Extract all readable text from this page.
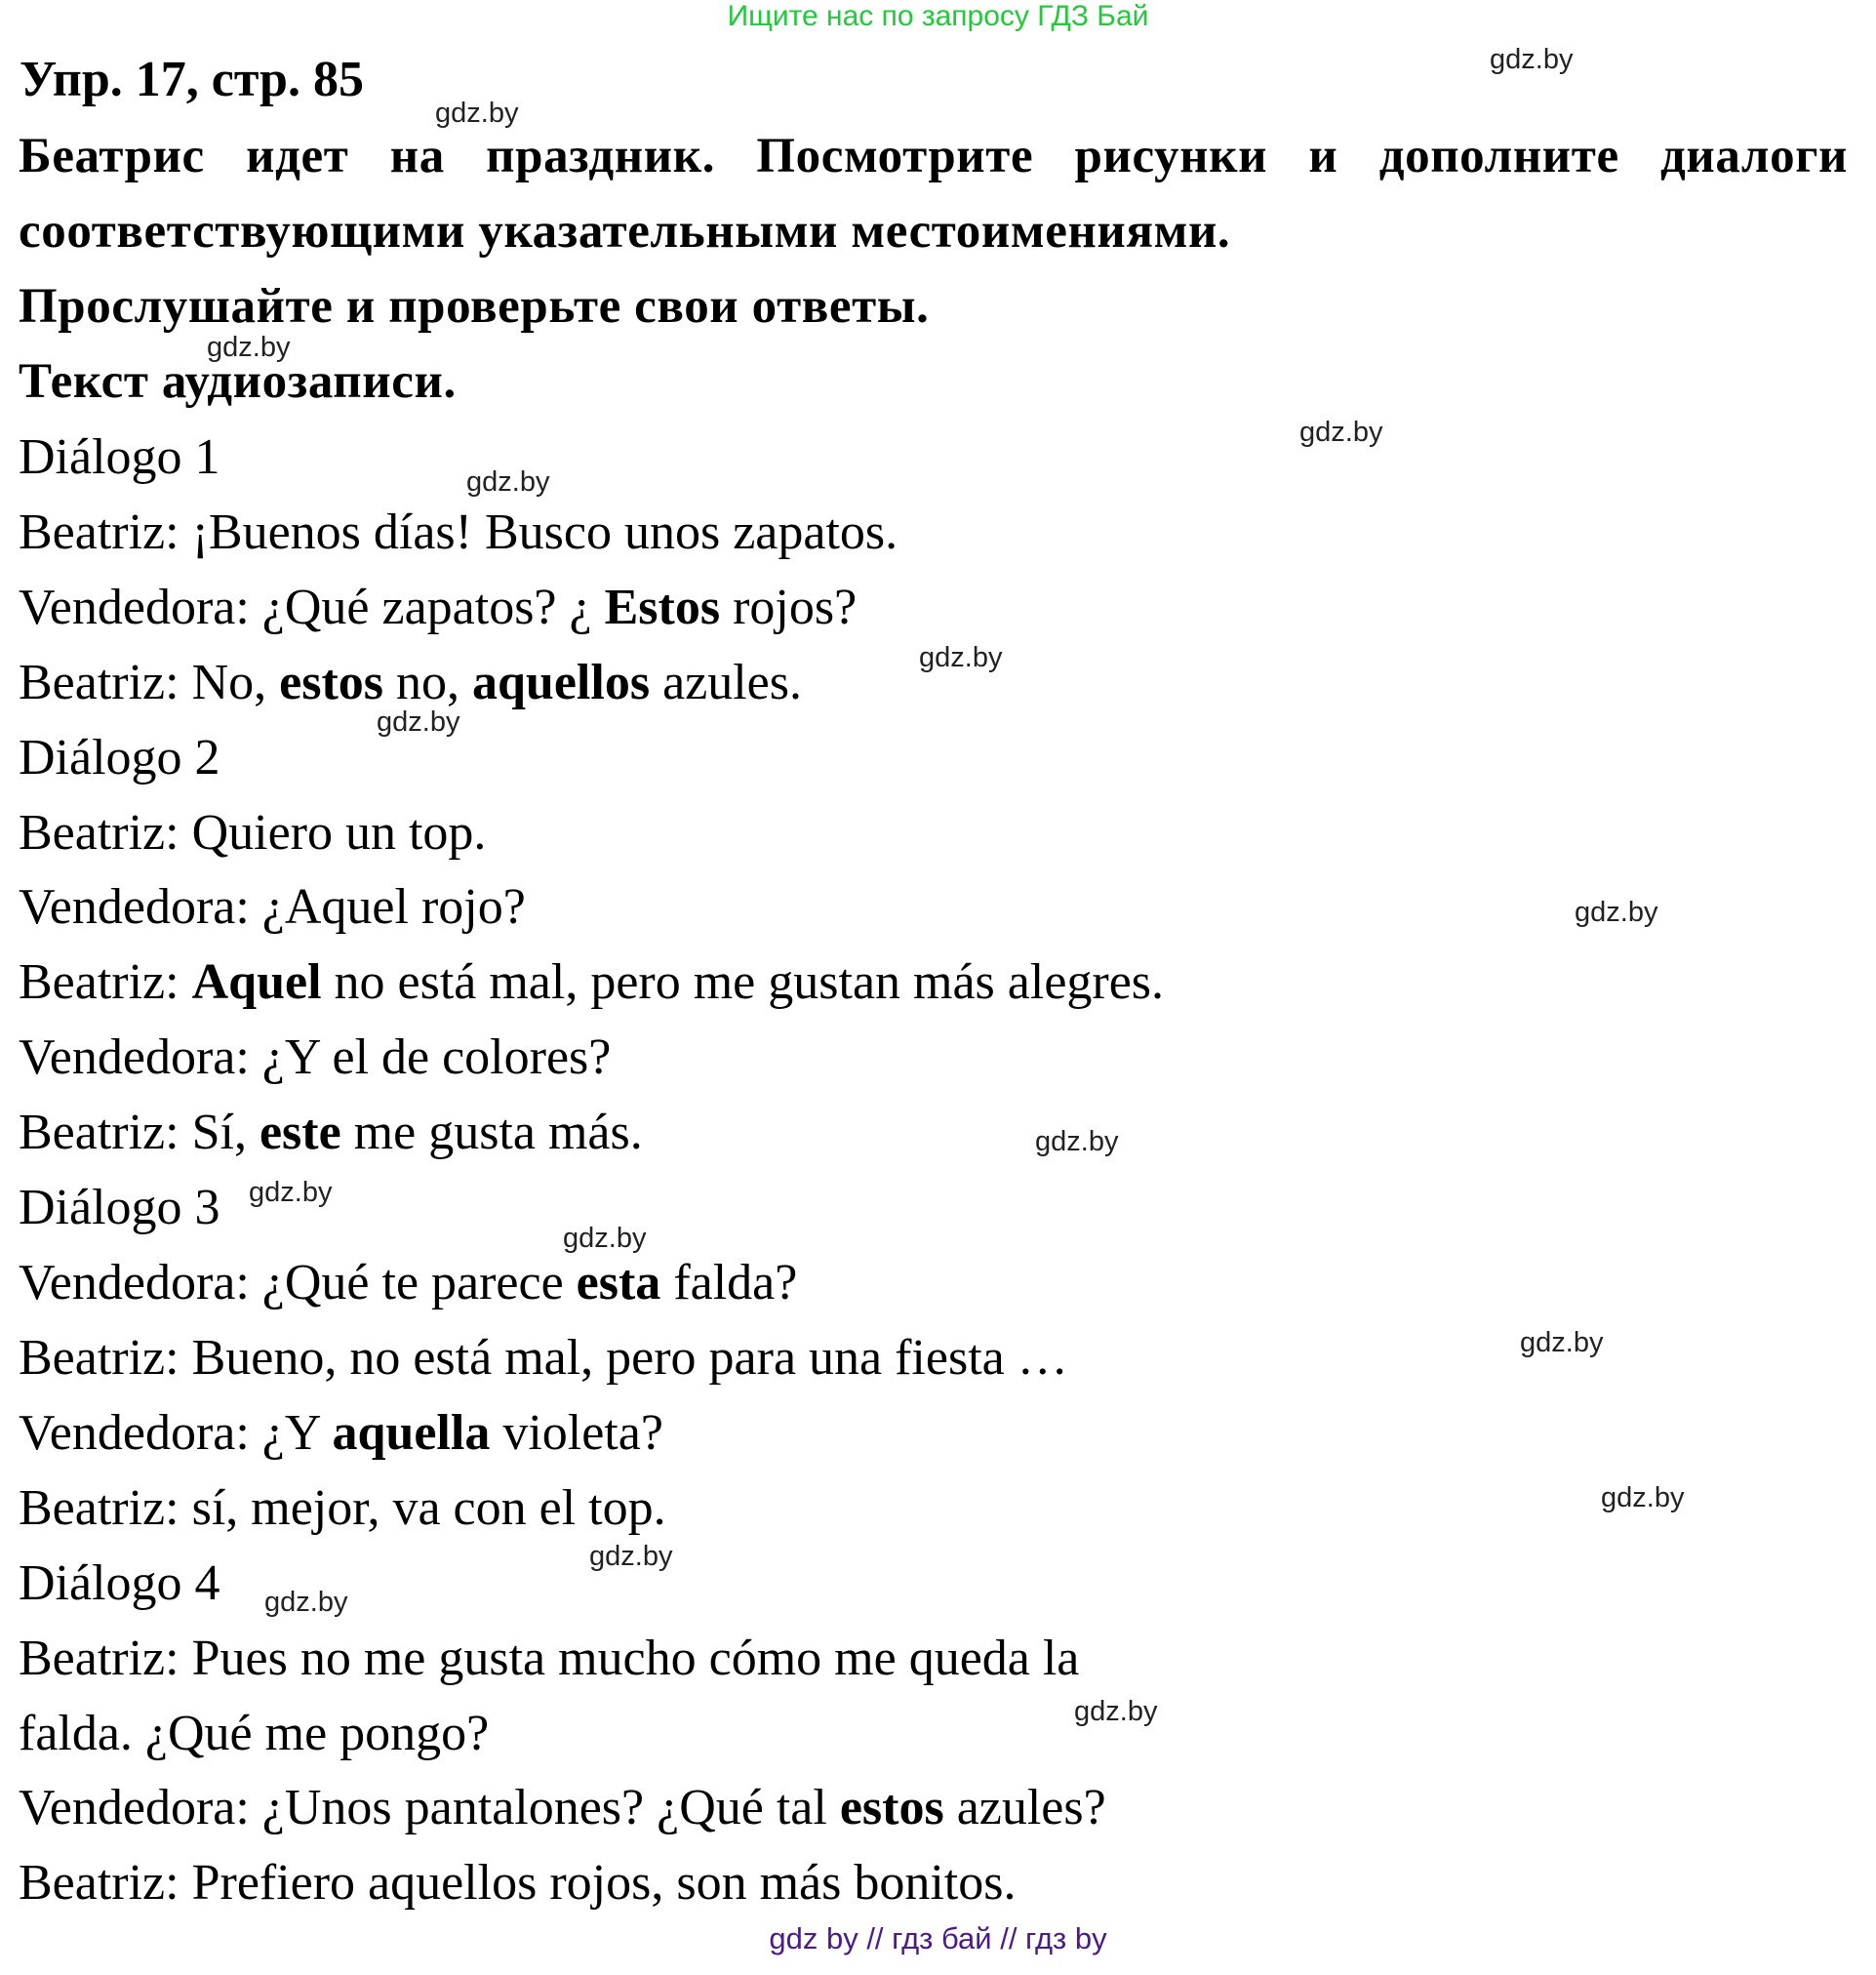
Ищите нас по запросу ГДЗ Бай
Упр. 17, стр. 85
Беатрис идет на праздник. Посмотрите рисунки и дополните диалоги
соответствующими указательными местоимениями.
Прослушайте и проверьте свои ответы.
Текст аудиозаписи.
Diálogo 1
Beatriz: ¡Buenos días! Busco unos zapatos.
Vendedora: ¿Qué zapatos? ¿ Estos rojos?
Beatriz: No, estos no, aquellos azules.
Diálogo 2
Beatriz: Quiero un top.
Vendedora: ¿Aquel rojo?
Beatriz: Aquel no está mal, pero me gustan más alegres.
Vendedora: ¿Y el de colores?
Beatriz: Sí, este me gusta más.
Diálogo 3
Vendedora: ¿Qué te parece esta falda?
Beatriz: Bueno, no está mal, pero para una fiesta …
Vendedora: ¿Y aquella violeta?
Beatriz: sí, mejor, va con el top.
Diálogo 4
Beatriz: Pues no me gusta mucho cómo me queda la
falda. ¿Qué me pongo?
Vendedora: ¿Unos pantalones? ¿Qué tal estos azules?
Beatriz: Prefiero aquellos rojos, son más bonitos.
gdz.by
gdz.by
gdz.by
gdz.by
gdz.by
gdz.by
gdz.by
gdz.by
gdz.by
gdz.by
gdz.by
gdz.by
gdz.by
gdz.by
gdz.by
gdz.by
gdz by // гдз бай // гдз by
